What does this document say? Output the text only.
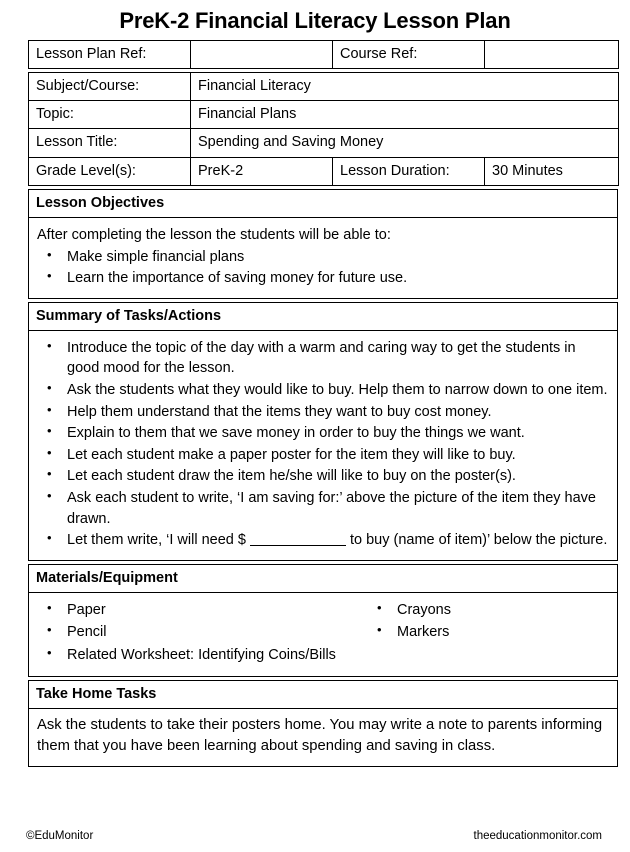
PreK-2 Financial Literacy Lesson Plan
Lesson Plan Ref:		Course Ref:	
Subject/Course:	Financial Literacy		
Topic:	Financial Plans		
Lesson Title:	Spending and Saving Money		
Grade Level(s):	PreK-2	Lesson Duration:	30 Minutes
Lesson Objectives

After completing the lesson the students will be able to:

• Make simple financial plans
• Learn the importance of saving money for future use.
Summary of Tasks/Actions

• Introduce the topic of the day with a warm and caring way to get the students in good mood for the lesson.
• Ask the students what they would like to buy. Help them to narrow down to one item.
• Help them understand that the items they want to buy cost money.
• Explain to them that we save money in order to buy the things we want.
• Let each student make a paper poster for the item they will like to buy.
• Let each student draw the item he/she will like to buy on the poster(s).
• Ask each student to write, ‘I am saving for:’ above the picture of the item they have drawn.
• Let them write, ‘I will need $	to buy (name of item)’ below the picture.
Materials/Equipment

• Paper
• Pencil
• Related Worksheet: Identifying Coins/Bills
• Crayons
• Markers
Take Home Tasks

Ask the students to take their posters home. You may write a note to parents informing them that you have been learning about spending and saving in class.

©EduMonitor	theeducationmonitor.com
